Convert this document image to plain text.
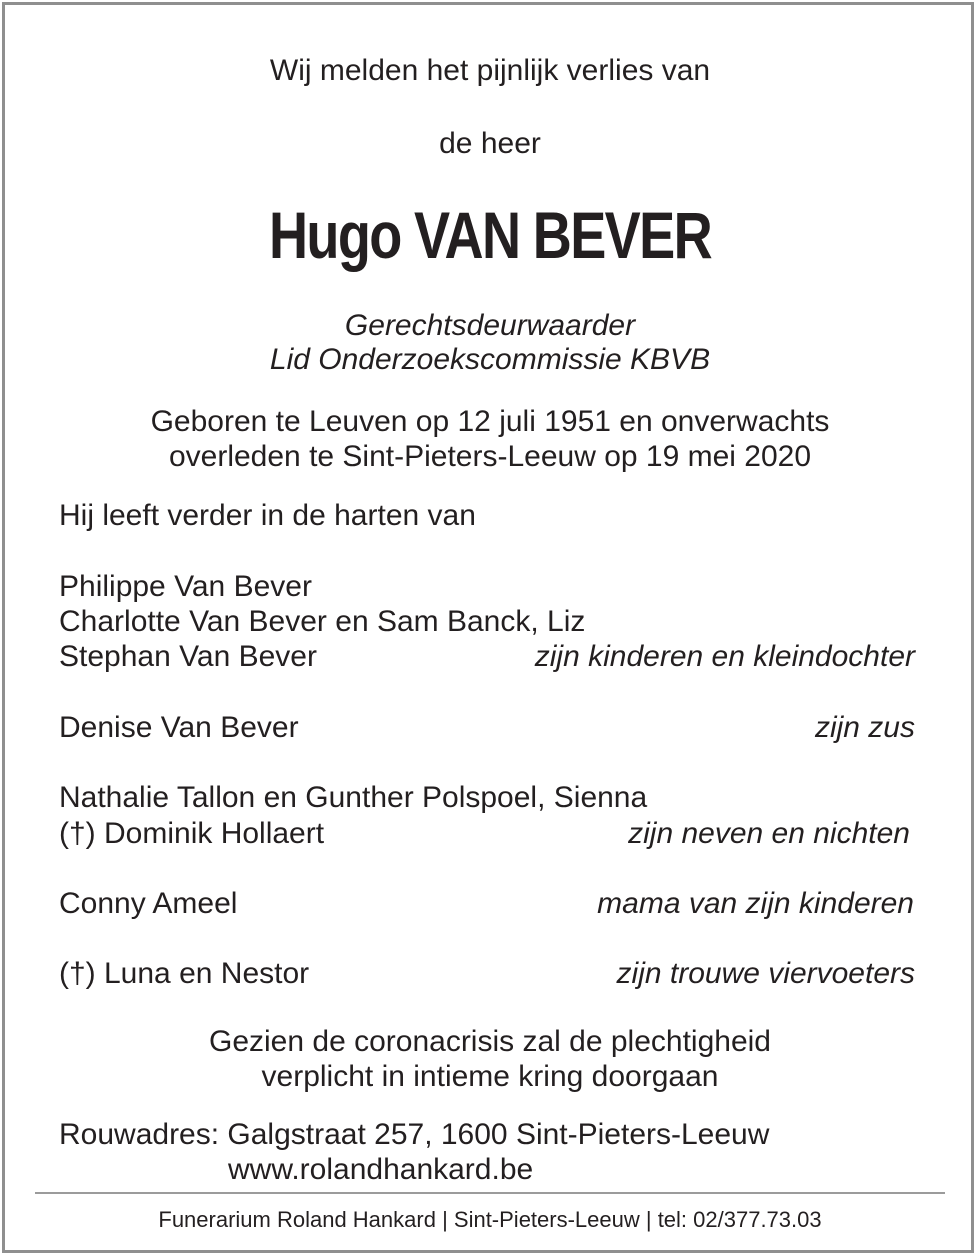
Wij melden het pijnlijk verlies van
de heer
Hugo VAN BEVER
Gerechtsdeurwaarder
Lid Onderzoekscommissie KBVB
Geboren te Leuven op 12 juli 1951 en onverwachts
overleden te Sint-Pieters-Leeuw op 19 mei 2020
Hij leeft verder in de harten van
Philippe Van Bever
Charlotte Van Bever en Sam Banck, Liz
Stephan Van Bever	zijn kinderen en kleindochter
Denise Van Bever	zijn zus
Nathalie Tallon en Gunther Polspoel, Sienna
(†) Dominik Hollaert	zijn neven en nichten
Conny Ameel	mama van zijn kinderen
(†) Luna en Nestor	zijn trouwe viervoeters
Gezien de coronacrisis zal de plechtigheid
verplicht in intieme kring doorgaan
Rouwadres: Galgstraat 257, 1600 Sint-Pieters-Leeuw
www.rolandhankard.be
Funerarium Roland Hankard | Sint-Pieters-Leeuw | tel: 02/377.73.03
